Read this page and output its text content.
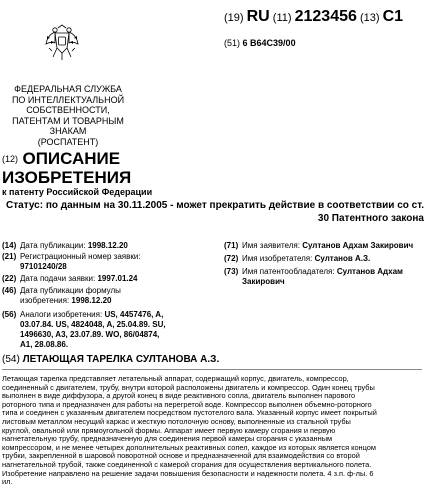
(19) RU (11) 2123456 (13) C1
(51) 6 B64C39/00
ФЕДЕРАЛЬНАЯ СЛУЖБА
ПО ИНТЕЛЛЕКТУАЛЬНОЙ
СОБСТВЕННОСТИ,
ПАТЕНТАМ И ТОВАРНЫМ
ЗНАКАМ
(РОСПАТЕНТ)
(12) ОПИСАНИЕ
ИЗОБРЕТЕНИЯ
к патенту Российской Федерации
Статус: по данным на 30.11.2005 - может прекратить действие в соответствии со ст.
30 Патентного закона
(14) Дата публикации: 1998.12.20
(21) Регистрационный номер заявки:
97101240/28
(22) Дата подачи заявки: 1997.01.24
(46) Дата публикации формулы
изобретения: 1998.12.20
(56) Аналоги изобретения: US, 4457476, A,
03.07.84. US, 4824048, A, 25.04.89. SU,
1496630, A3, 23.07.89. WO, 86/04874,
A1, 28.08.86.
(71) Имя заявителя: Султанов Адхам Закирович
(72) Имя изобретателя: Султанов А.З.
(73) Имя патентообладателя: Султанов Адхам
Закирович
(54) ЛЕТАЮЩАЯ ТАРЕЛКА СУЛТАНОВА А.З.
Летающая тарелка представляет летательный аппарат, содержащий корпус, двигатель, компрессор,
соединенный с двигателем, трубу, внутри которой расположены двигатель и компрессор. Один конец трубы
выполнен в виде диффузора, а другой конец в виде реактивного сопла, двигатель выполнен парового
роторного типа и предназначен для работы на перегретой воде. Компрессор выполнен объемно-роторного
типа и соединен с указанным двигателем посредством пустотелого вала. Указанный корпус имеет покрытый
листовым металлом несущий каркас и жесткую потолочную основу, выполненные из стальной трубы
круглой, овальной или прямоугольной формы. Аппарат имеет первую камеру сгорания и первую
нагнетательную трубу, предназначенную для соединения первой камеры сгорания с указанным
компрессором, и не менее четырех дополнительных реактивных сопел, каждое из которых является концом
трубки, закрепленной в шаровой поворотной основе и предназначенной для взаимодействия со второй
нагнетательной трубой, также соединенной с камерой сгорания для осуществления вертикального полета.
Изобретение направлено на решение задачи повышения безопасности и надежности полета. 4 з.п. ф-лы. 6
ил.
